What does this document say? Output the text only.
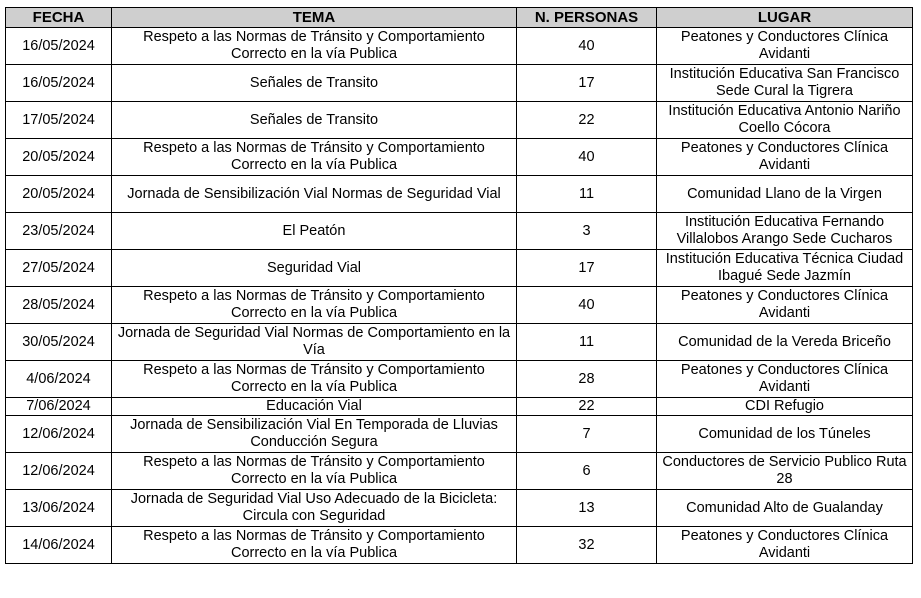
FECHA	TEMA	N. PERSONAS	LUGAR
16/05/2024	Respeto a las Normas de Tránsito y Comportamiento Correcto en la vía Publica	40	Peatones y Conductores Clínica Avidanti
16/05/2024	Señales de Transito	17	Institución Educativa San Francisco Sede Cural la Tigrera
17/05/2024	Señales de Transito	22	Institución Educativa Antonio Nariño Coello Cócora
20/05/2024	Respeto a las Normas de Tránsito y Comportamiento Correcto en la vía Publica	40	Peatones y Conductores Clínica Avidanti
20/05/2024	Jornada de Sensibilización Vial Normas de Seguridad Vial	11	Comunidad Llano de la Virgen
23/05/2024	El Peatón	3	Institución Educativa Fernando Villalobos Arango Sede Cucharos
27/05/2024	Seguridad Vial	17	Institución Educativa Técnica Ciudad Ibagué Sede Jazmín
28/05/2024	Respeto a las Normas de Tránsito y Comportamiento Correcto en la vía Publica	40	Peatones y Conductores Clínica Avidanti
30/05/2024	Jornada de Seguridad Vial Normas de Comportamiento en la Vía	11	Comunidad de la Vereda Briceño
4/06/2024	Respeto a las Normas de Tránsito y Comportamiento Correcto en la vía Publica	28	Peatones y Conductores Clínica Avidanti
7/06/2024	Educación Vial	22	CDI Refugio
12/06/2024	Jornada de Sensibilización Vial En Temporada de Lluvias Conducción Segura	7	Comunidad de los Túneles
12/06/2024	Respeto a las Normas de Tránsito y Comportamiento Correcto en la vía Publica	6	Conductores de Servicio Publico Ruta 28
13/06/2024	Jornada de Seguridad Vial Uso Adecuado de la Bicicleta: Circula con Seguridad	13	Comunidad Alto de Gualanday
14/06/2024	Respeto a las Normas de Tránsito y Comportamiento Correcto en la vía Publica	32	Peatones y Conductores Clínica Avidanti
